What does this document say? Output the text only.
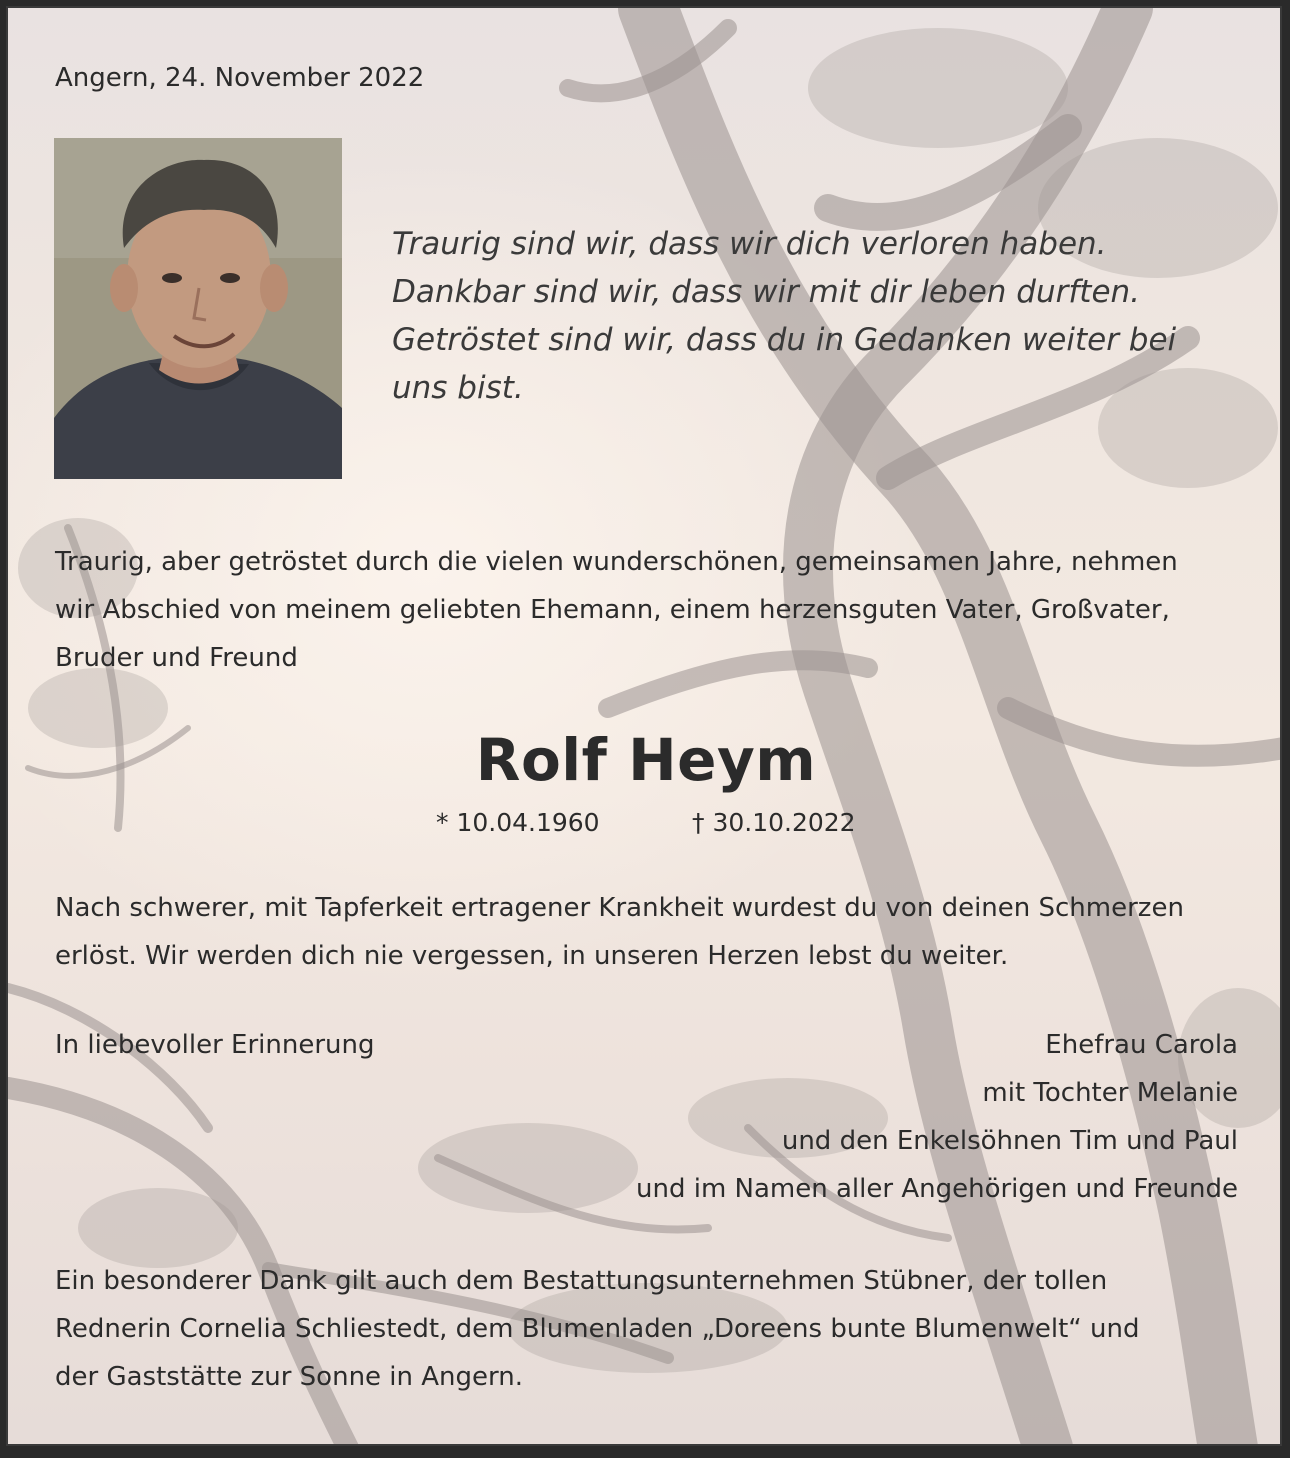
Angern, 24. November 2022
Traurig sind wir, dass wir dich verloren haben.
Dankbar sind wir, dass wir mit dir leben durften.
Getröstet sind wir, dass du in Gedanken weiter bei
uns bist.
Traurig, aber getröstet durch die vielen wunderschönen, gemeinsamen Jahre, nehmen
wir Abschied von meinem geliebten Ehemann, einem herzensguten Vater, Großvater,
Bruder und Freund
Rolf Heym
* 10.04.1960	† 30.10.2022
Nach schwerer, mit Tapferkeit ertragener Krankheit wurdest du von deinen Schmerzen
erlöst. Wir werden dich nie vergessen, in unseren Herzen lebst du weiter.
In liebevoller Erinnerung	Ehefrau Carola
mit Tochter Melanie
und den Enkelsöhnen Tim und Paul
und im Namen aller Angehörigen und Freunde
Ein besonderer Dank gilt auch dem Bestattungsunternehmen Stübner, der tollen
Rednerin Cornelia Schliestedt, dem Blumenladen „Doreens bunte Blumenwelt“ und
der Gaststätte zur Sonne in Angern.
